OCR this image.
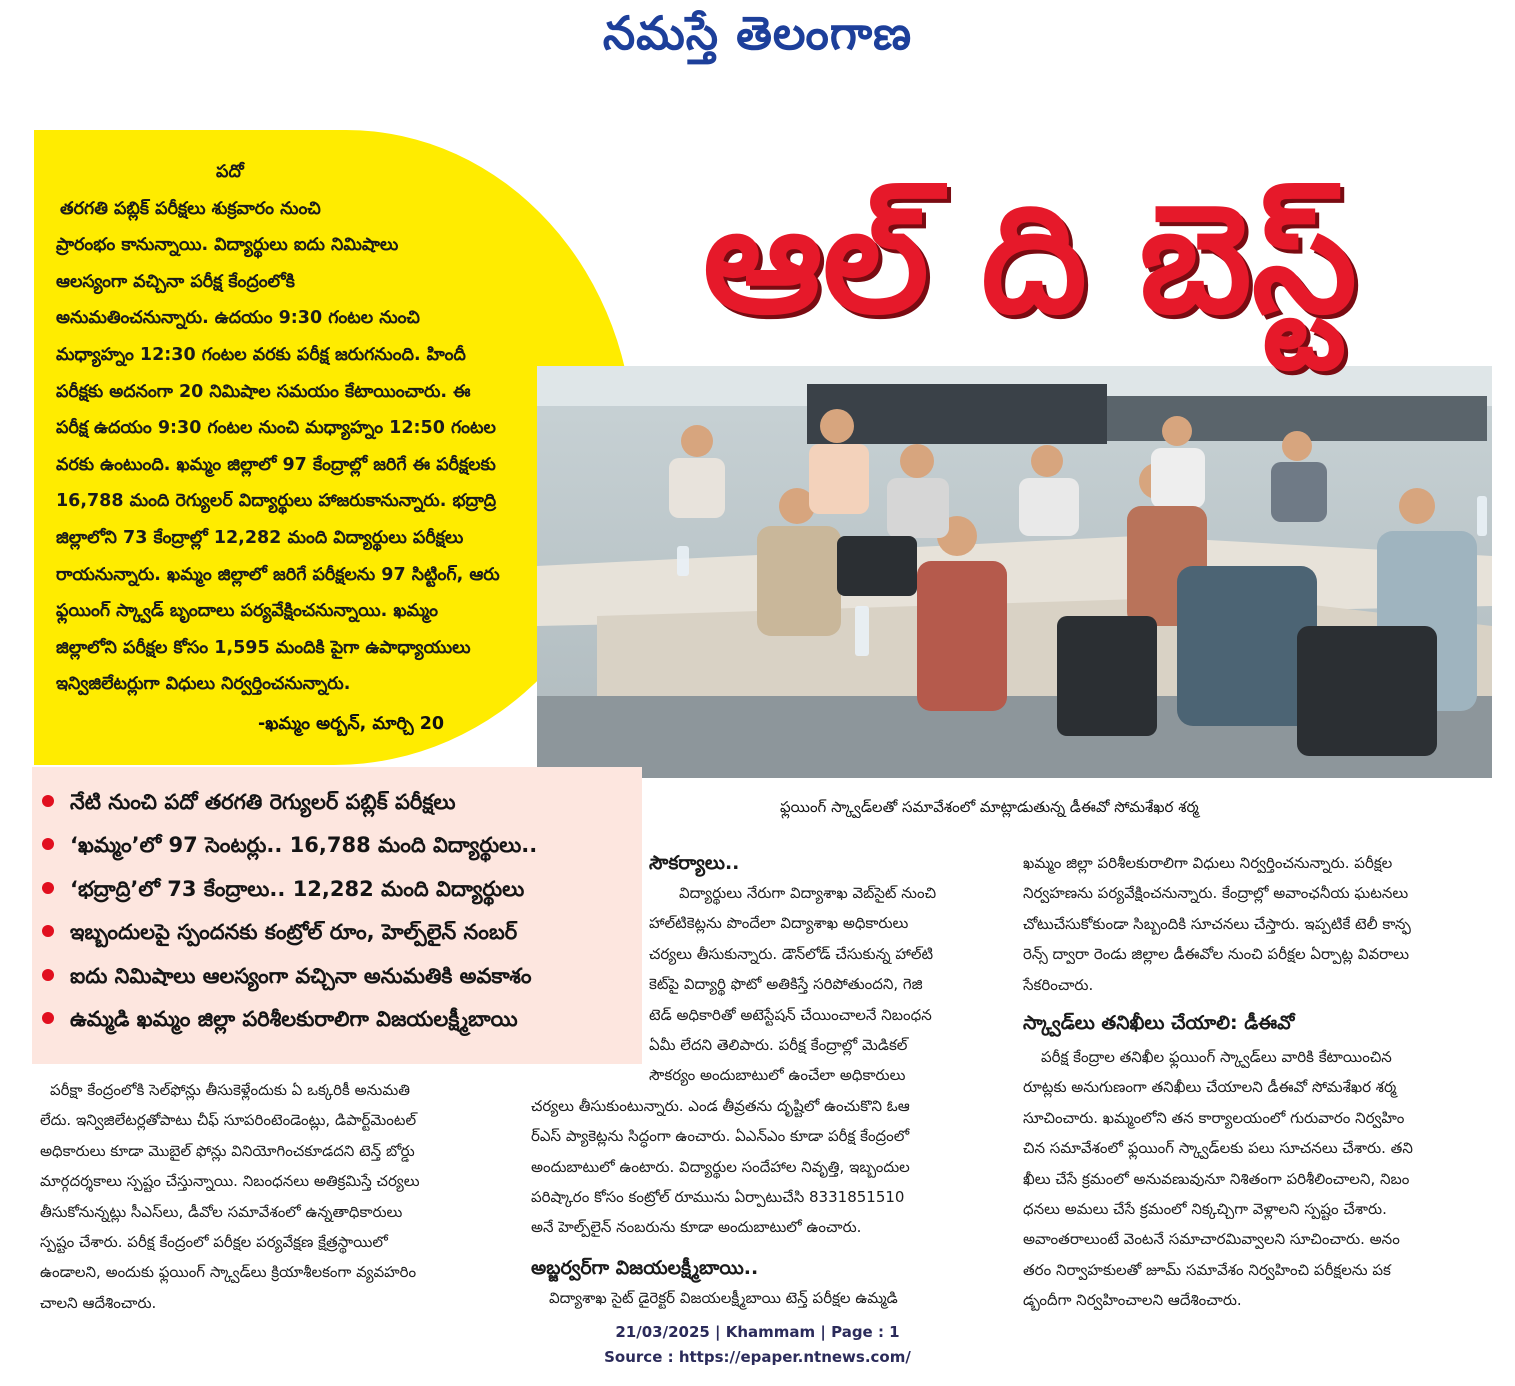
నమస్తే తెలంగాణ
పదో
తరగతి పబ్లిక్ పరీక్షలు శుక్రవారం నుంచి
ప్రారంభం కానున్నాయి. విద్యార్థులు ఐదు నిమిషాలు
ఆలస్యంగా వచ్చినా పరీక్ష కేంద్రంలోకి
అనుమతించనున్నారు. ఉదయం 9:30 గంటల నుంచి
మధ్యాహ్నం 12:30 గంటల వరకు పరీక్ష జరుగనుంది. హిందీ
పరీక్షకు అదనంగా 20 నిమిషాల సమయం కేటాయించారు. ఈ
పరీక్ష ఉదయం 9:30 గంటల నుంచి మధ్యాహ్నం 12:50 గంటల
వరకు ఉంటుంది. ఖమ్మం జిల్లాలో 97 కేంద్రాల్లో జరిగే ఈ పరీక్షలకు
16,788 మంది రెగ్యులర్ విద్యార్థులు హాజరుకానున్నారు. భద్రాద్రి
జిల్లాలోని 73 కేంద్రాల్లో 12,282 మంది విద్యార్థులు పరీక్షలు
రాయనున్నారు. ఖమ్మం జిల్లాలో జరిగే పరీక్షలను 97 సిట్టింగ్, ఆరు
ఫ్లయింగ్ స్క్వాడ్ బృందాలు పర్యవేక్షించనున్నాయి. ఖమ్మం
జిల్లాలోని పరీక్షల కోసం 1,595 మందికి పైగా ఉపాధ్యాయులు
ఇన్విజిలేటర్లుగా విధులు నిర్వర్తించనున్నారు.
-ఖమ్మం అర్బన్, మార్చి 20
ఆల్ ది బెస్ట్
ఫ్లయింగ్ స్క్వాడ్‌లతో సమావేశంలో మాట్లాడుతున్న డీఈవో సోమశేఖర శర్మ
నేటి నుంచి పదో తరగతి రెగ్యులర్ పబ్లిక్ పరీక్షలు
‘ఖమ్మం’లో 97 సెంటర్లు.. 16,788 మంది విద్యార్థులు..
‘భద్రాద్రి’లో 73 కేంద్రాలు.. 12,282 మంది విద్యార్థులు
ఇబ్బందులపై స్పందనకు కంట్రోల్ రూం, హెల్ప్‌లైన్ నంబర్
ఐదు నిమిషాలు ఆలస్యంగా వచ్చినా అనుమతికి అవకాశం
ఉమ్మడి ఖమ్మం జిల్లా పరిశీలకురాలిగా విజయలక్ష్మీబాయి
పరీక్షా కేంద్రంలోకి సెల్‌ఫోన్లు తీసుకెళ్లేందుకు ఏ ఒక్కరికీ అనుమతి
లేదు. ఇన్విజిలేటర్లతోపాటు చీఫ్ సూపరింటెండెంట్లు, డిపార్ట్‌మెంటల్
అధికారులు కూడా మొబైల్ ఫోన్లు వినియోగించకూడదని టెన్త్ బోర్డు
మార్గదర్శకాలు స్పష్టం చేస్తున్నాయి. నిబంధనలు అతిక్రమిస్తే చర్యలు
తీసుకోనున్నట్లు సీఎస్‌లు, డీవోల సమావేశంలో ఉన్నతాధికారులు
స్పష్టం చేశారు. పరీక్ష కేంద్రంలో పరీక్షల పర్యవేక్షణ క్షేత్రస్థాయిలో
ఉండాలని, అందుకు ఫ్లయింగ్ స్క్వాడ్‌లు క్రియాశీలకంగా వ్యవహరిం
చాలని ఆదేశించారు.
సౌకర్యాలు..
విద్యార్థులు నేరుగా విద్యాశాఖ వెబ్‌సైట్ నుంచి
హాల్‌టికెట్లను పొందేలా విద్యాశాఖ అధికారులు
చర్యలు తీసుకున్నారు. డౌన్‌లోడ్ చేసుకున్న హాల్‌టి
కెట్‌పై విద్యార్థి ఫొటో అతికిస్తే సరిపోతుందని, గెజి
టెడ్ అధికారితో అటెస్టేషన్ చేయించాలనే నిబంధన
ఏమీ లేదని తెలిపారు. పరీక్ష కేంద్రాల్లో మెడికల్
సౌకర్యం అందుబాటులో ఉంచేలా అధికారులు
చర్యలు తీసుకుంటున్నారు. ఎండ తీవ్రతను దృష్టిలో ఉంచుకొని ఓఆ
ర్‌ఎస్ ప్యాకెట్లను సిద్ధంగా ఉంచారు. ఏఎన్‌ఎం కూడా పరీక్ష కేంద్రంలో
అందుబాటులో ఉంటారు. విద్యార్థుల సందేహాల నివృత్తి, ఇబ్బందుల
పరిష్కారం కోసం కంట్రోల్ రూమును ఏర్పాటుచేసి 8331851510
అనే హెల్ప్‌లైన్ నంబరును కూడా అందుబాటులో ఉంచారు.
అబ్జర్వర్‌గా విజయలక్ష్మీబాయి..
విద్యాశాఖ సైట్ డైరెక్టర్ విజయలక్ష్మీబాయి టెన్త్ పరీక్షల ఉమ్మడి
ఖమ్మం జిల్లా పరిశీలకురాలిగా విధులు నిర్వర్తించనున్నారు. పరీక్షల
నిర్వహణను పర్యవేక్షించనున్నారు. కేంద్రాల్లో అవాంఛనీయ ఘటనలు
చోటుచేసుకోకుండా సిబ్బందికి సూచనలు చేస్తారు. ఇప్పటికే టెలీ కాన్ఫ
రెన్స్ ద్వారా రెండు జిల్లాల డీఈవోల నుంచి పరీక్షల ఏర్పాట్ల వివరాలు
సేకరించారు.
స్క్వాడ్‌లు తనిఖీలు చేయాలి: డీఈవో
పరీక్ష కేంద్రాల తనిఖీల ఫ్లయింగ్ స్క్వాడ్‌లు వారికి కేటాయించిన
రూట్లకు అనుగుణంగా తనిఖీలు చేయాలని డీఈవో సోమశేఖర శర్మ
సూచించారు. ఖమ్మంలోని తన కార్యాలయంలో గురువారం నిర్వహిం
చిన సమావేశంలో ఫ్లయింగ్ స్క్వాడ్‌లకు పలు సూచనలు చేశారు. తని
ఖీలు చేసే క్రమంలో అనువణువునూ నిశితంగా పరిశీలించాలని, నిబం
ధనలు అమలు చేసే క్రమంలో నిక్కచ్చిగా వెళ్లాలని స్పష్టం చేశారు.
అవాంతరాలుంటే వెంటనే సమాచారమివ్వాలని సూచించారు. అనం
తరం నిర్వాహకులతో జూమ్ సమావేశం నిర్వహించి పరీక్షలను పక
డ్బందీగా నిర్వహించాలని ఆదేశించారు.
21/03/2025 | Khammam | Page : 1
Source : https://epaper.ntnews.com/
